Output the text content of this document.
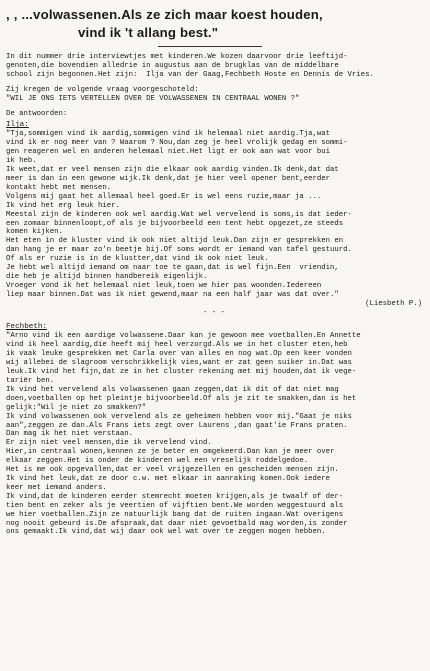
, , ...volwassenen.Als ze zich maar koest houden,
vind ik 't allang best."
In dit nummer drie interviewtjes met kinderen.We kozen daarvoor drie leeftijd-
genoten,die bovendien alledrie in augustus aan de brugklas van de middelbare
school zijn begonnen.Het zijn:  Ilja van der Gaag,Fechbeth Hoste en Dennis de Vries.
Zij kregen de volgende vraag voorgeschoteld:
"WIL JE ONS IETS VERTELLEN OVER DE VOLWASSENEN IN CENTRAAL WONEN ?"
De antwoorden:
Ilja:
"Tja,sommigen vind ik aardig,sommigen vind ik helemaal niet aardig.Tja,wat
vind ik er nog meer van ? Waarom ? Nou,dan zeg je heel vrolijk gedag en sommi-
gen reageren wel en anderen helemaal niet.Het ligt er ook aan wat voor bui
ik heb.
Ik weet,dat er veel mensen zijn die elkaar ook aardig vinden.Ik denk,dat dat
meer is dan in een gewone wijk.Ik denk,dat je hier veel opener bent,eerder
kontakt hebt met mensen.
Volgens mij gaat het allemaal heel goed.Er is wel eens ruzie,maar ja ...
Ik vind het erg leuk hier.
Meestal zijn de kinderen ook wel aardig.Wat wel vervelend is soms,is dat ieder-
een zomaar binnenloopt,of als je bijvoorbeeld een tent hebt opgezet,ze steeds
komen kijken.
Het eten in de kluster vind ik ook niet altijd leuk.Dan zijn er gesprekken en
dan hang je er maar zo'n beetje bij.Of soms wordt er iemand van tafel gestuurd.
Of als er ruzie is in de klustter,dat vind ik ook niet leuk.
Je hebt wel altijd iemand om naar toe te gaan,dat is wel fijn.Een  vriendin,
die heb je altijd binnen handbereik eigenlijk.
Vroeger vond ik het helemaal niet leuk,toen we hier pas woonden.Iedereen
liep maar binnen.Dat was ik niet gewend,maar na een half jaar was dat over."
(Liesbeth P.)
- - -
Fechbeth:
"Arno vind ik een aardige volwassene.Daar kan je gewoon mee voetballen.En Annette
vind ik heel aardig,die heeft mij heel verzorgd.Als we in het cluster eten,heb
ik vaak leuke gesprekken met Carla over van alles en nog wat.Op een keer vonden
wij allebei de slagroom verschrikkelijk vies,want er zat geen suiker in.Dat was
leuk.Ik vind het fijn,dat ze in het cluster rekening met mij houden,dat ik vege-
tariër ben.
Ik vind het vervelend als volwassenen gaan zeggen,dat ik dit of dat niet mag
doen,voetballen op het pleintje bijvoorbeeld.Of als je zit te smakken,dan is het
gelijk:"Wil je niet zo smakken?"
Ik vind volwassenen ook vervelend als ze geheimen hebben voor mij."Gaat je niks
aan",zeggen ze dan.Als Frans iets zegt over Laurens ,dan gaat'ie Frans praten.
Dan mag ik het niet verstaan.
Er zijn niet veel mensen,die ik vervelend vind.
Hier,in centraal wonen,kennen ze je beter en omgekeerd.Dan kan je meer over
elkaar zeggen.Het is onder de kinderen wel een vreselijk roddelgedoe.
Het is me ook opgevallen,dat er veel vrijgezellen en gescheiden mensen zijn.
Ik vind het leuk,dat ze door c.w. met elkaar in aanraking komen.Ook iedere
keer met iemand anders.
Ik vind,dat de kinderen eerder stemrecht moeten krijgen,als je twaalf of der-
tien bent en zeker als je veertien of vijftien bent.We worden weggestuurd als
we hier voetballen.Zijn ze natuurlijk bang dat de ruiten ingaan.Wat overigens
nog nooit gebeurd is.De afspraak,dat daar niet gevoetbald mag worden,is zonder
ons gemaakt.Ik vind,dat wij daar ook wel wat over te zeggen mogen hebben.
